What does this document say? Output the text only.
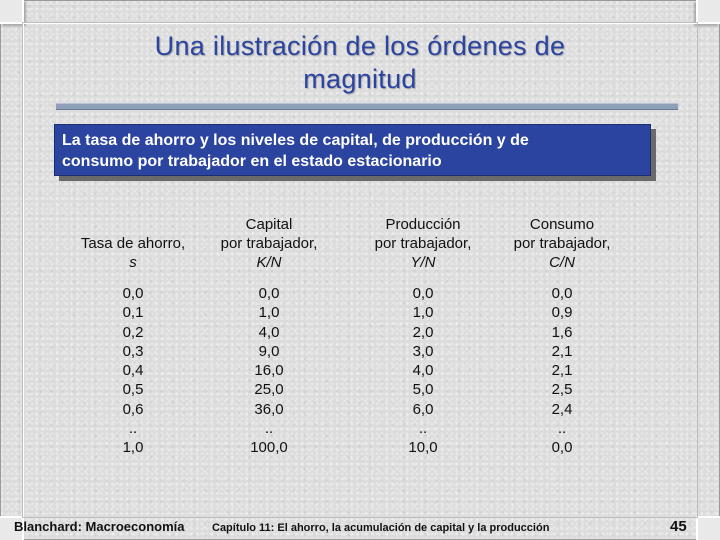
Una ilustración de los órdenes de
magnitud
La tasa de ahorro y los niveles de capital, de producción y de
consumo por trabajador en el estado estacionario
Tasa de ahorro,
s
0,0
0,1
0,2
0,3
0,4
0,5
0,6
..
1,0
Capital
por trabajador,
K/N
0,0
1,0
4,0
9,0
16,0
25,0
36,0
..
100,0
Producción
por trabajador,
Y/N
0,0
1,0
2,0
3,0
4,0
5,0
6,0
..
10,0
Consumo
por trabajador,
C/N
0,0
0,9
1,6
2,1
2,1
2,5
2,4
..
0,0
Blanchard: Macroeconomía	Capítulo 11: El ahorro, la acumulación de capital y la producción	45
